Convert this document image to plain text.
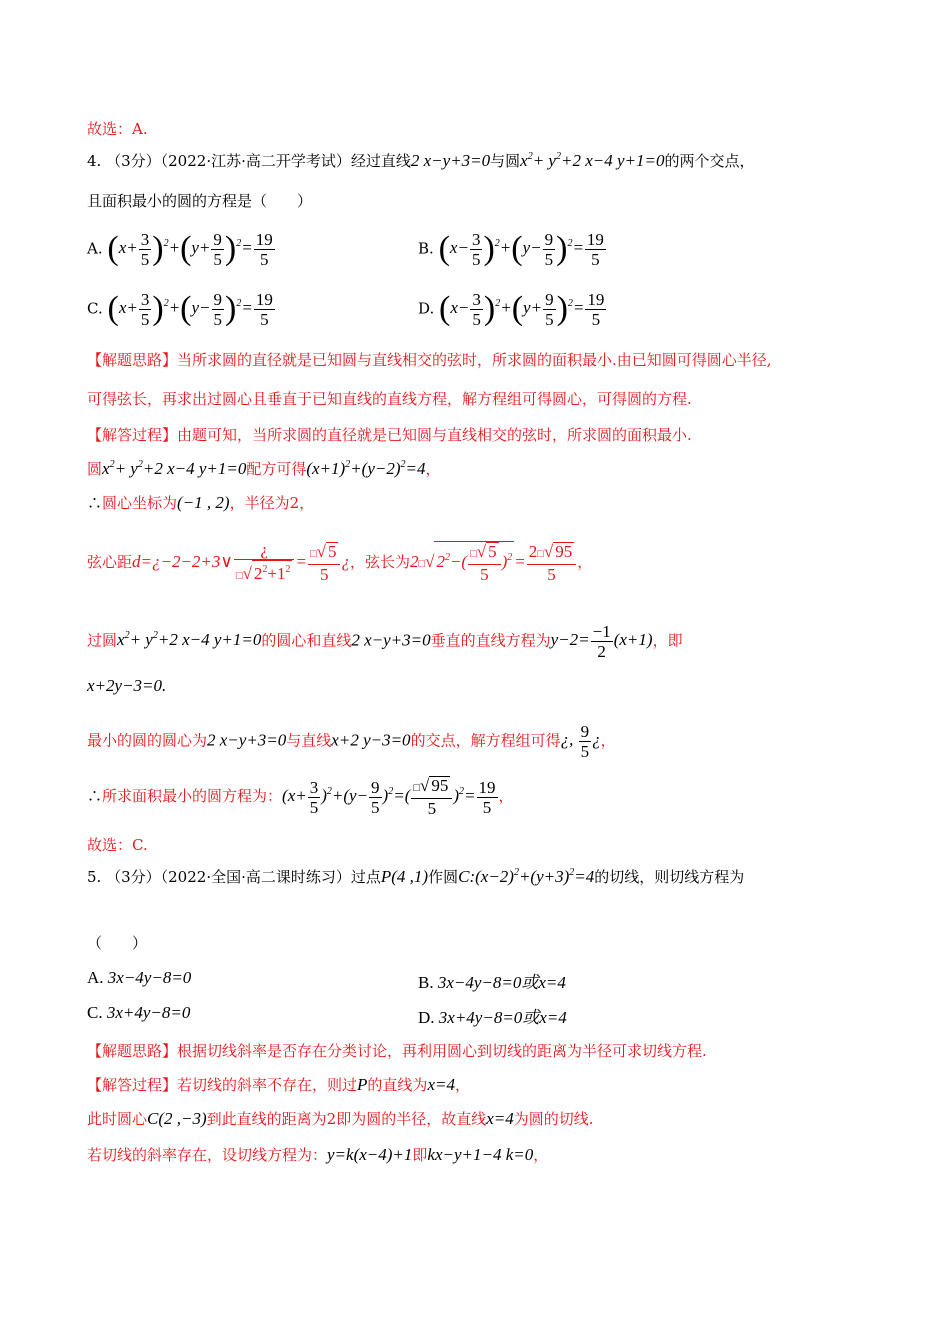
故选：A.
4. （3分）（2022·江苏·高二开学考试）经过直线2 x−y+3=0与圆$x^2+ y^2+2$ x−4 y+1=0的两个交点，
且面积最小的圆的方程是（　　）
A. $(x+ \frac{3}{5} )^2+(y+ \frac{9}{5} )^2= \frac{19}{5}$	B. $(x- \frac{3}{5} )^2+(y- \frac{9}{5} )^2= \frac{19}{5}$
C. $(x+ \frac{3}{5} )^2+(y- \frac{9}{5} )^2= \frac{19}{5}$	D. $(x- \frac{3}{5} )^2+(y+ \frac{9}{5} )^2= \frac{19}{5}$
【解题思路】当所求圆的直径就是已知圆与直线相交的弦时，所求圆的面积最小.由已知圆可得圆心半径,
可得弦长，再求出过圆心且垂直于已知直线的直线方程，解方程组可得圆心，可得圆的方程.
【解答过程】由题可知，当所求圆的直径就是已知圆与直线相交的弦时，所求圆的面积最小.
圆$x^2+ y^2+2$ x−4 y+1=0配方可得$(x+1)^2+(y-2)^2=4$，
∴圆心坐标为(−1 , 2)，半径为2，
弦心距d=¿−2−2+3∨ $\frac{¿}{□√ 2^2+1^2} = \frac{□√ 5}{5}$ ¿，弦长为2□√ $2^2-( \frac{□√ 5}{5} )^2 = \frac{2□√ 95}{5}$ ，
过圆$x^2+ y^2+2$ x−4 y+1=0的圆心和直线2 x−y+3=0垂直的直线方程为$y-2= \frac{-1}{2} (x+1)$，即
x+2y−3=0.
最小的圆的圆心为2 x−y+3=0与直线x+2 y−3=0的交点，解方程组可得¿, $\frac{9}{5}$ ¿，
∴所求面积最小的圆方程为：$(x+ \frac{3}{5} )^2+(y- \frac{9}{5} )^2=( \frac{□√ 95}{5} )^2= \frac{19}{5}$ ，
故选：C.
5. （3分）（2022·全国·高二课时练习）过点P(4 ,1)作圆$C:(x-2)^2+(y+3)^2=4$的切线，则切线方程为
（　　）
A. 3x−4y−8=0	B. 3x−4y−8=0或x=4
C. 3x+4y−8=0	D. 3x+4y−8=0或x=4
【解题思路】根据切线斜率是否存在分类讨论，再利用圆心到切线的距离为半径可求切线方程.
【解答过程】若切线的斜率不存在，则过P的直线为x=4，
此时圆心C(2 ,−3)到此直线的距离为2即为圆的半径，故直线x=4为圆的切线.
若切线的斜率存在，设切线方程为：y=k(x−4)+1即kx−y+1−4 k=0，
